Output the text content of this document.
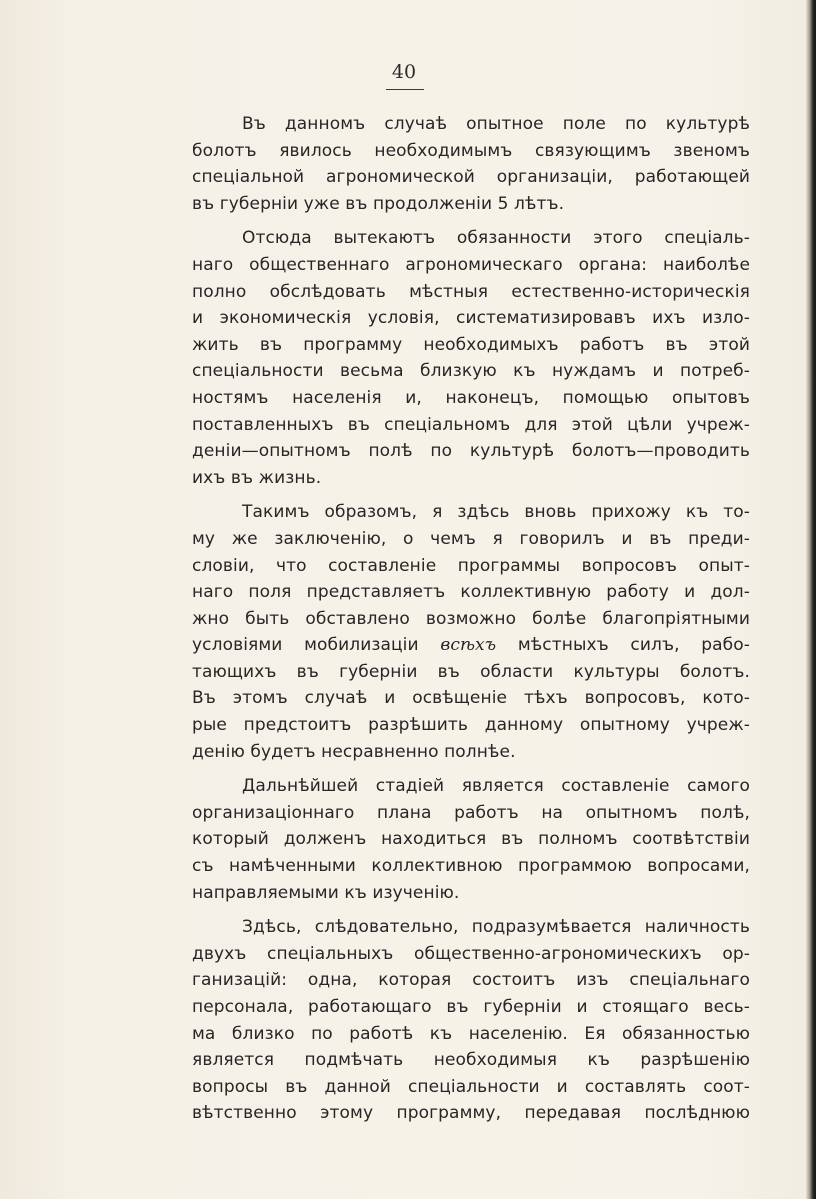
40
Въ данномъ случаѣ опытное поле по культурѣ
болотъ явилось необходимымъ связующимъ звеномъ
спеціальной агрономической организаціи, работающей
въ губерніи уже въ продолженіи 5 лѣтъ.
Отсюда вытекаютъ обязанности этого спеціаль-
наго общественнаго агрономическаго органа: наиболѣе
полно обслѣдовать мѣстныя естественно-историческія
и экономическія условія, систематизировавъ ихъ изло-
жить въ программу необходимыхъ работъ въ этой
спеціальности весьма близкую къ нуждамъ и потреб-
ностямъ населенія и, наконецъ, помощью опытовъ
поставленныхъ въ спеціальномъ для этой цѣли учреж-
деніи—опытномъ полѣ по культурѣ болотъ—проводить
ихъ въ жизнь.
Такимъ образомъ, я здѣсь вновь прихожу къ то-
му же заключенію, о чемъ я говорилъ и въ преди-
словіи, что составленіе программы вопросовъ опыт-
наго поля представляетъ коллективную работу и дол-
жно быть обставлено возможно болѣе благопріятными
условіями мобилизаціи всѣхъ мѣстныхъ силъ, рабо-
тающихъ въ губерніи въ области культуры болотъ.
Въ этомъ случаѣ и освѣщеніе тѣхъ вопросовъ, кото-
рые предстоитъ разрѣшить данному опытному учреж-
денію будетъ несравненно полнѣе.
Дальнѣйшей стадіей является составленіе самого
организаціоннаго плана работъ на опытномъ полѣ,
который долженъ находиться въ полномъ соотвѣтствіи
съ намѣченными коллективною программою вопросами,
направляемыми къ изученію.
Здѣсь, слѣдовательно, подразумѣвается наличность
двухъ спеціальныхъ общественно-агрономическихъ ор-
ганизацій: одна, которая состоитъ изъ спеціальнаго
персонала, работающаго въ губерніи и стоящаго весь-
ма близко по работѣ къ населенію. Ея обязанностью
является подмѣчать необходимыя къ разрѣшенію
вопросы въ данной спеціальности и составлять соот-
вѣтственно этому программу, передавая послѣднюю
